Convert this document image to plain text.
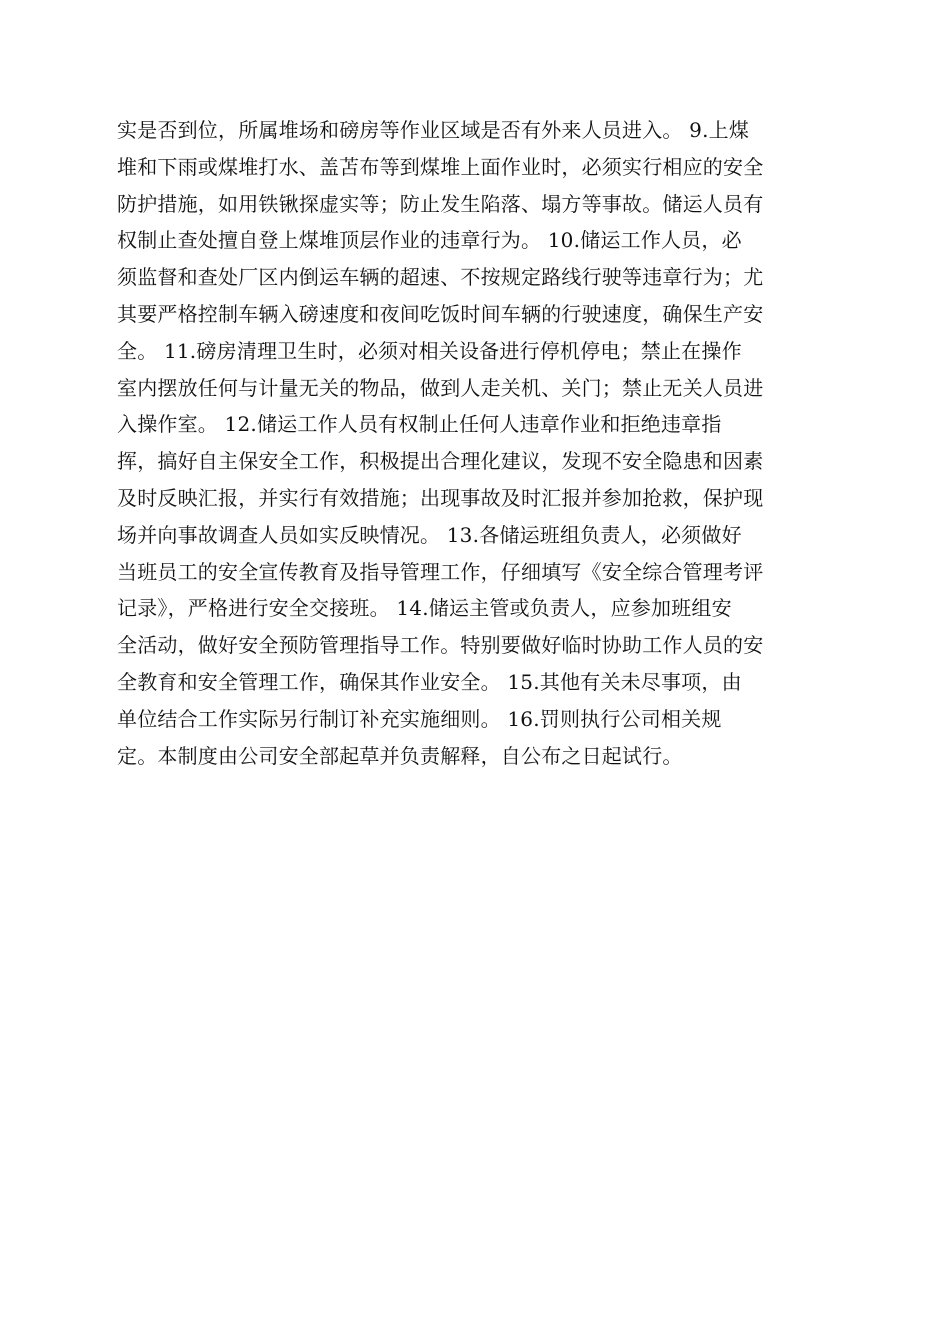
实是否到位，所属堆场和磅房等作业区域是否有外来人员进入。 9.上煤
堆和下雨或煤堆打水、盖苫布等到煤堆上面作业时，必须实行相应的安全
防护措施，如用铁锹探虚实等；防止发生陷落、塌方等事故。储运人员有
权制止查处擅自登上煤堆顶层作业的违章行为。 10.储运工作人员，必
须监督和查处厂区内倒运车辆的超速、不按规定路线行驶等违章行为；尤
其要严格控制车辆入磅速度和夜间吃饭时间车辆的行驶速度，确保生产安
全。 11.磅房清理卫生时，必须对相关设备进行停机停电；禁止在操作
室内摆放任何与计量无关的物品，做到人走关机、关门；禁止无关人员进
入操作室。 12.储运工作人员有权制止任何人违章作业和拒绝违章指
挥，搞好自主保安全工作，积极提出合理化建议，发现不安全隐患和因素
及时反映汇报，并实行有效措施；出现事故及时汇报并参加抢救，保护现
场并向事故调查人员如实反映情况。 13.各储运班组负责人，必须做好
当班员工的安全宣传教育及指导管理工作，仔细填写《安全综合管理考评
记录》，严格进行安全交接班。 14.储运主管或负责人，应参加班组安
全活动，做好安全预防管理指导工作。特别要做好临时协助工作人员的安
全教育和安全管理工作，确保其作业安全。 15.其他有关未尽事项，由
单位结合工作实际另行制订补充实施细则。 16.罚则执行公司相关规
定。本制度由公司安全部起草并负责解释，自公布之日起试行。
